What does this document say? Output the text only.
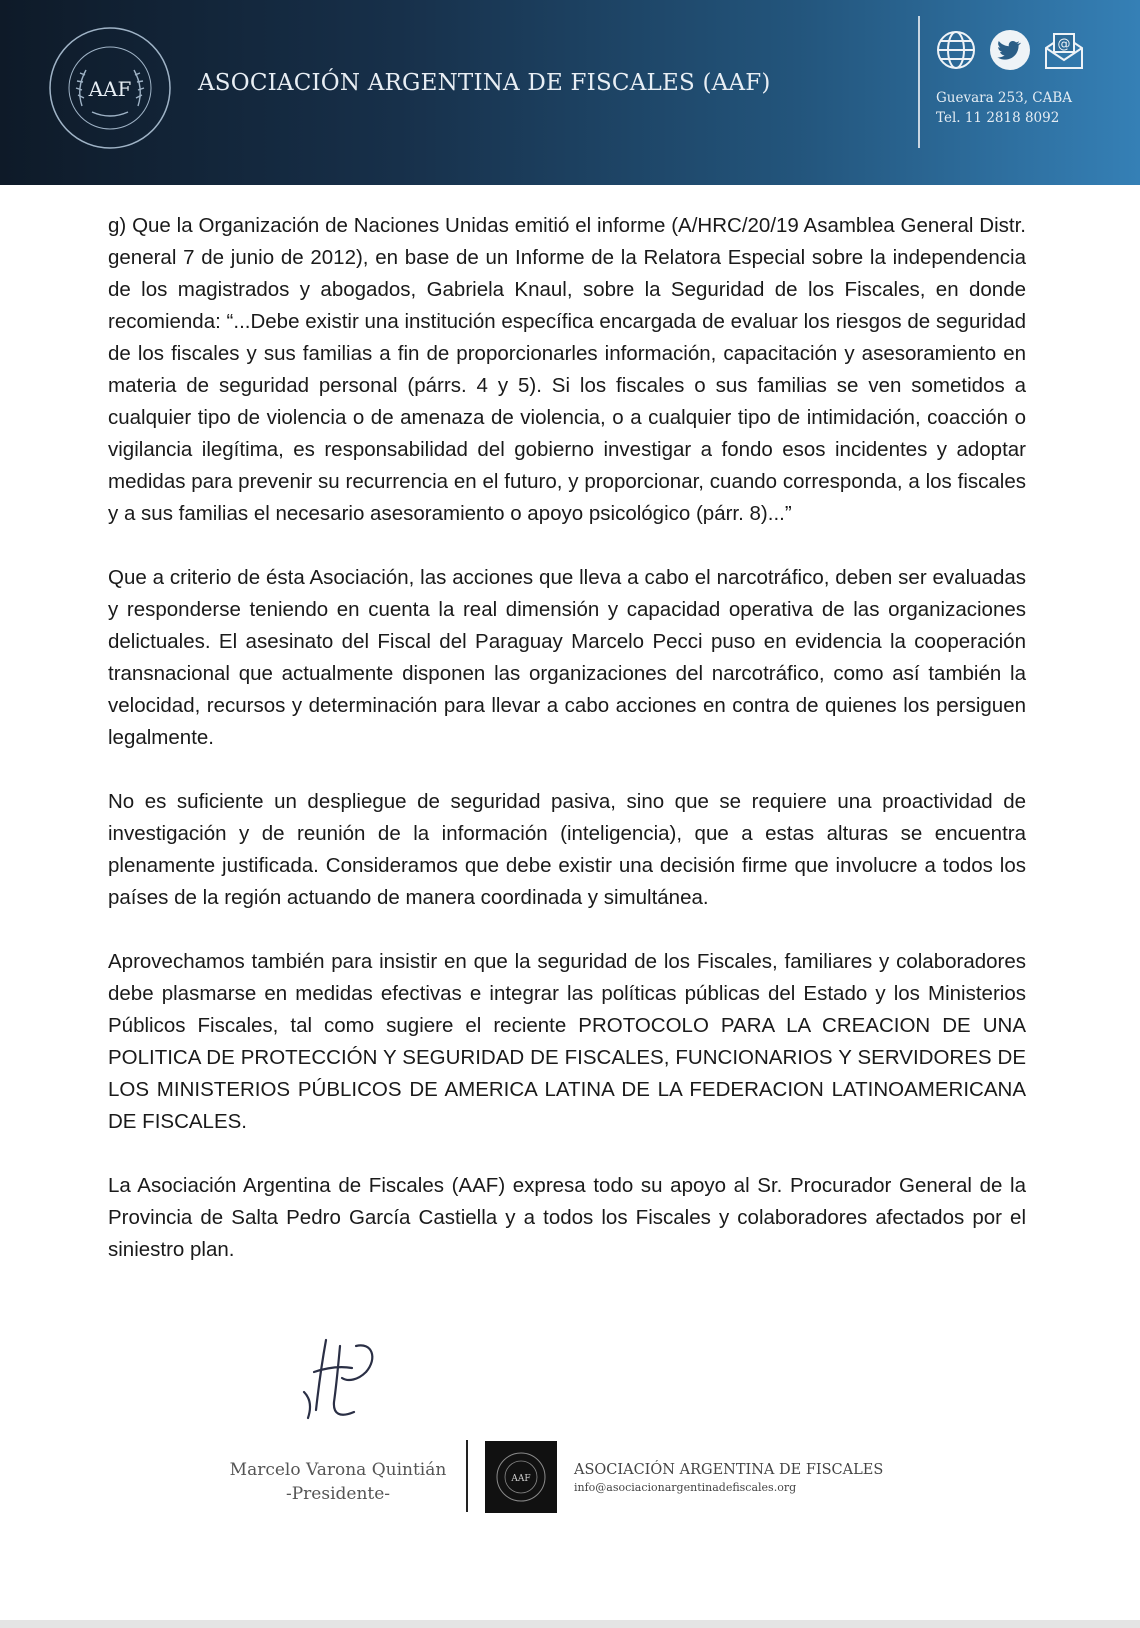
AAF	ASOCIACIÓN ARGENTINA DE FISCALES (AAF)
@
Guevara 253, CABA
Tel. 11 2818 8092

g) Que la Organización de Naciones Unidas emitió el informe (A/HRC/20/19 Asamblea General Distr. general 7 de junio de 2012), en base de un Informe de la Relatora Especial sobre la independencia de los magistrados y abogados, Gabriela Knaul, sobre la Seguridad de los Fiscales, en donde recomienda: “...Debe existir una institución específica encargada de evaluar los riesgos de seguridad de los fiscales y sus familias a fin de proporcionarles información, capacitación y asesoramiento en materia de seguridad personal (párrs. 4 y 5). Si los fiscales o sus familias se ven sometidos a cualquier tipo de violencia o de amenaza de violencia, o a cualquier tipo de intimidación, coacción o vigilancia ilegítima, es responsabilidad del gobierno investigar a fondo esos incidentes y adoptar medidas para prevenir su recurrencia en el futuro, y proporcionar, cuando corresponda, a los fiscales y a sus familias el necesario asesoramiento o apoyo psicológico (párr. 8)...”

Que a criterio de ésta Asociación, las acciones que lleva a cabo el narcotráfico, deben ser evaluadas y responderse teniendo en cuenta la real dimensión y capacidad operativa de las organizaciones delictuales. El asesinato del Fiscal del Paraguay Marcelo Pecci puso en evidencia la cooperación transnacional que actualmente disponen las organizaciones del narcotráfico, como así también la velocidad, recursos y determinación para llevar a cabo acciones en contra de quienes los persiguen legalmente.

No es suficiente un despliegue de seguridad pasiva, sino que se requiere una proactividad de investigación y de reunión de la información (inteligencia), que a estas alturas se encuentra plenamente justificada. Consideramos que debe existir una decisión firme que involucre a todos los países de la región actuando de manera coordinada y simultánea.

Aprovechamos también para insistir en que la seguridad de los Fiscales, familiares y colaboradores debe plasmarse en medidas efectivas e integrar las políticas públicas del Estado y los Ministerios Públicos Fiscales, tal como sugiere el reciente PROTOCOLO PARA LA CREACION DE UNA POLITICA DE PROTECCIÓN Y SEGURIDAD DE FISCALES, FUNCIONARIOS Y SERVIDORES DE LOS MINISTERIOS PÚBLICOS DE AMERICA LATINA DE LA FEDERACION LATINOAMERICANA DE FISCALES.

La Asociación Argentina de Fiscales (AAF) expresa todo su apoyo al Sr. Procurador General de la Provincia de Salta Pedro García Castiella y a todos los Fiscales y colaboradores afectados por el siniestro plan.

Marcelo Varona Quintián
-Presidente-
AAF
ASOCIACIÓN ARGENTINA DE FISCALES
info@asociacionargentinadefiscales.org
